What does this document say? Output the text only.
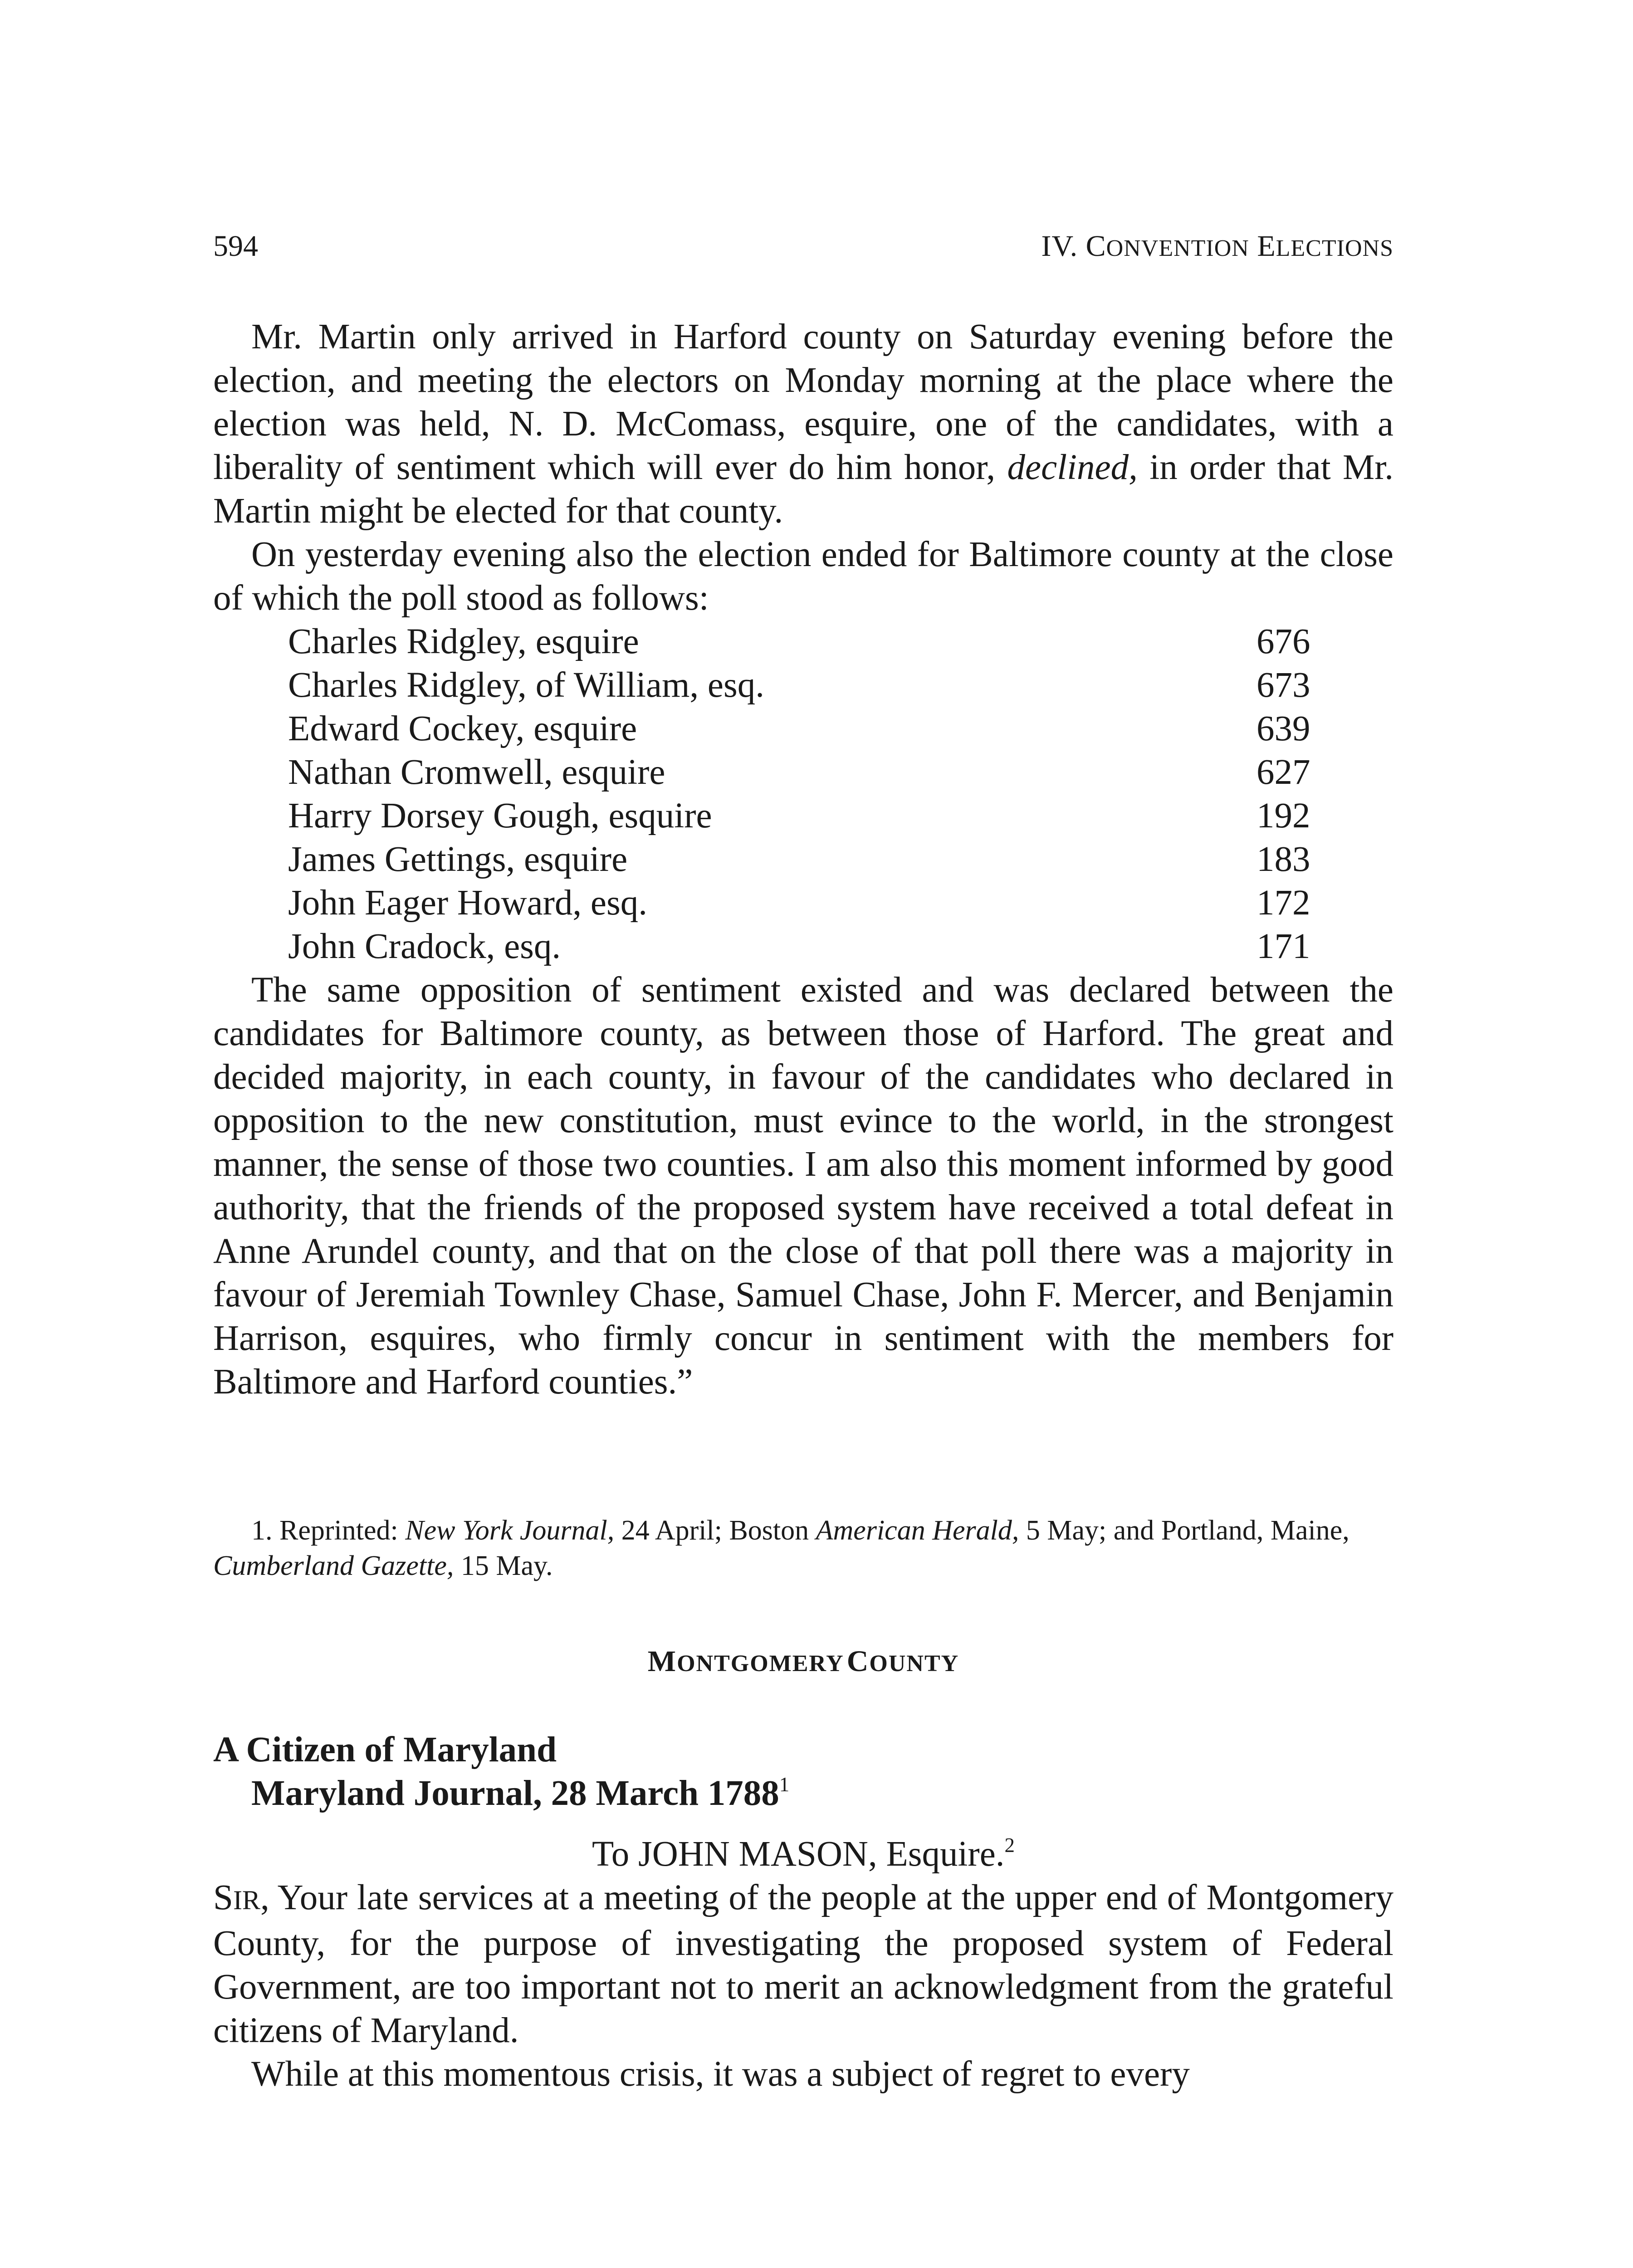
594	IV. CONVENTION ELECTIONS

Mr. Martin only arrived in Harford county on Saturday evening before the election, and meeting the electors on Monday morning at the place where the election was held, N. D. McComass, esquire, one of the candidates, with a liberality of sentiment which will ever do him honor, declined, in order that Mr. Martin might be elected for that county.

On yesterday evening also the election ended for Baltimore county at the close of which the poll stood as follows:

Charles Ridgley, esquire	676
Charles Ridgley, of William, esq.	673
Edward Cockey, esquire	639
Nathan Cromwell, esquire	627
Harry Dorsey Gough, esquire	192
James Gettings, esquire	183
John Eager Howard, esq.	172
John Cradock, esq.	171

The same opposition of sentiment existed and was declared between the candidates for Baltimore county, as between those of Harford. The great and decided majority, in each county, in favour of the candidates who declared in opposition to the new constitution, must evince to the world, in the strongest manner, the sense of those two counties. I am also this moment informed by good authority, that the friends of the proposed system have received a total defeat in Anne Arundel county, and that on the close of that poll there was a majority in favour of Jeremiah Townley Chase, Samuel Chase, John F. Mercer, and Benjamin Harrison, esquires, who firmly concur in sentiment with the members for Baltimore and Harford counties.”

1. Reprinted: New York Journal, 24 April; Boston American Herald, 5 May; and Portland, Maine, Cumberland Gazette, 15 May.

MONTGOMERY COUNTY
A Citizen of Maryland
Maryland Journal, 28 March 1788$^1$
To JOHN MASON, Esquire.$^2$

SIR, Your late services at a meeting of the people at the upper end of Montgomery County, for the purpose of investigating the proposed system of Federal Government, are too important not to merit an acknowledgment from the grateful citizens of Maryland.

While at this momentous crisis, it was a subject of regret to every
